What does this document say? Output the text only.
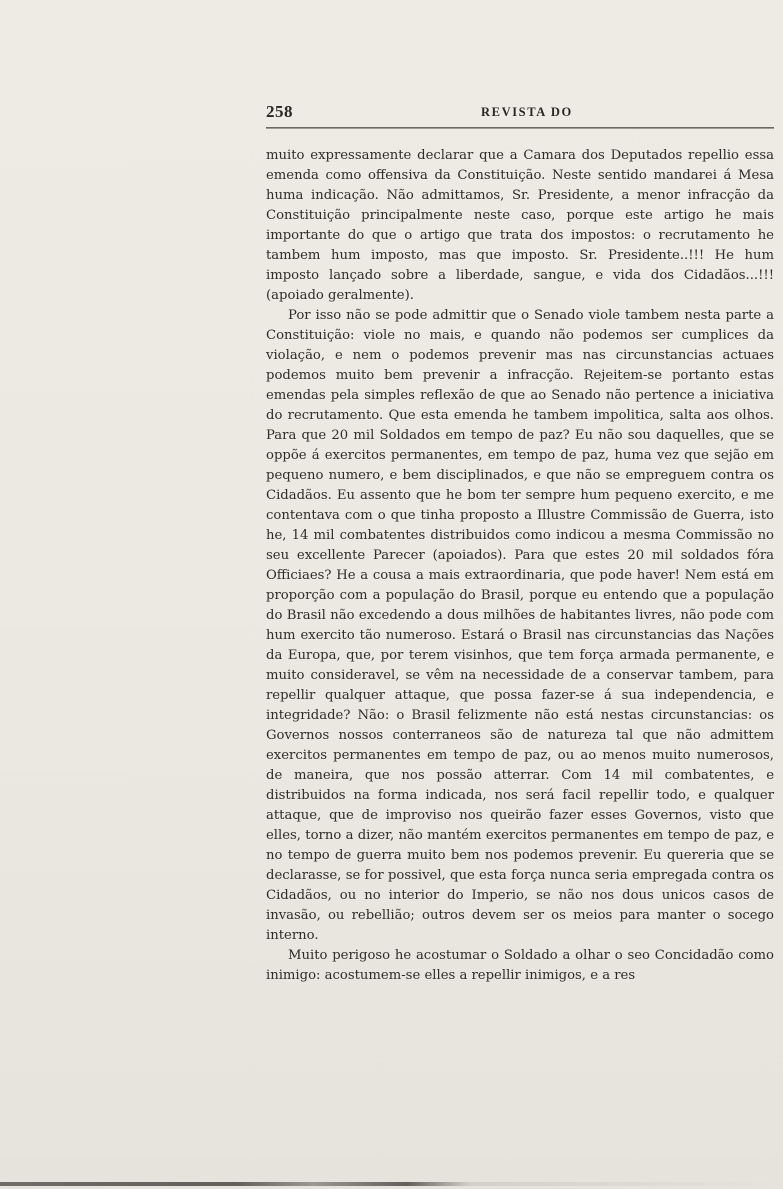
258	REVISTA DO

muito expressamente declarar que a Camara dos Deputados repellio essa emenda como offensiva da Constituição. Neste sentido mandarei á Mesa huma indicação. Não admittamos, Sr. Presidente, a menor infracção da Constituição principalmente neste caso, porque este artigo he mais importante do que o artigo que trata dos impostos: o recrutamento he tambem hum imposto, mas que imposto. Sr. Presidente..!!! He hum imposto lançado sobre a liberdade, sangue, e vida dos Cidadãos...!!! (apoiado geralmente).

Por isso não se pode admittir que o Senado viole tambem nesta parte a Constituição: viole no mais, e quando não podemos ser cumplices da violação, e nem o podemos prevenir mas nas circunstancias actuaes podemos muito bem prevenir a infracção. Rejeitem-se portanto estas emendas pela simples reflexão de que ao Senado não pertence a iniciativa do recrutamento. Que esta emenda he tambem impolitica, salta aos olhos. Para que 20 mil Soldados em tempo de paz? Eu não sou daquelles, que se oppõe á exercitos permanentes, em tempo de paz, huma vez que sejão em pequeno numero, e bem disciplinados, e que não se empreguem contra os Cidadãos. Eu assento que he bom ter sempre hum pequeno exercito, e me contentava com o que tinha proposto a Illustre Commissão de Guerra, isto he, 14 mil combatentes distribuidos como indicou a mesma Commissão no seu excellente Parecer (apoiados). Para que estes 20 mil soldados fóra Officiaes? He a cousa a mais extraordinaria, que pode haver! Nem está em proporção com a população do Brasil, porque eu entendo que a população do Brasil não excedendo a dous milhões de habitantes livres, não pode com hum exercito tão numeroso. Estará o Brasil nas circunstancias das Nações da Europa, que, por terem visinhos, que tem força armada permanente, e muito consideravel, se vêm na necessidade de a conservar tambem, para repellir qualquer attaque, que possa fazer-se á sua independencia, e integridade? Não: o Brasil felizmente não está nestas circunstancias: os Governos nossos conterraneos são de natureza tal que não admittem exercitos permanentes em tempo de paz, ou ao menos muito numerosos, de maneira, que nos possão atterrar. Com 14 mil combatentes, e distribuidos na forma indicada, nos será facil repellir todo, e qualquer attaque, que de improviso nos queirão fazer esses Governos, visto que elles, torno a dizer, não mantém exercitos permanentes em tempo de paz, e no tempo de guerra muito bem nos podemos prevenir. Eu quereria que se declarasse, se for possivel, que esta força nunca seria empregada contra os Cidadãos, ou no interior do Imperio, se não nos dous unicos casos de invasão, ou rebellião; outros devem ser os meios para manter o socego interno.

Muito perigoso he acostumar o Soldado a olhar o seo Concidadão como inimigo: acostumem-se elles a repellir inimigos, e a res
